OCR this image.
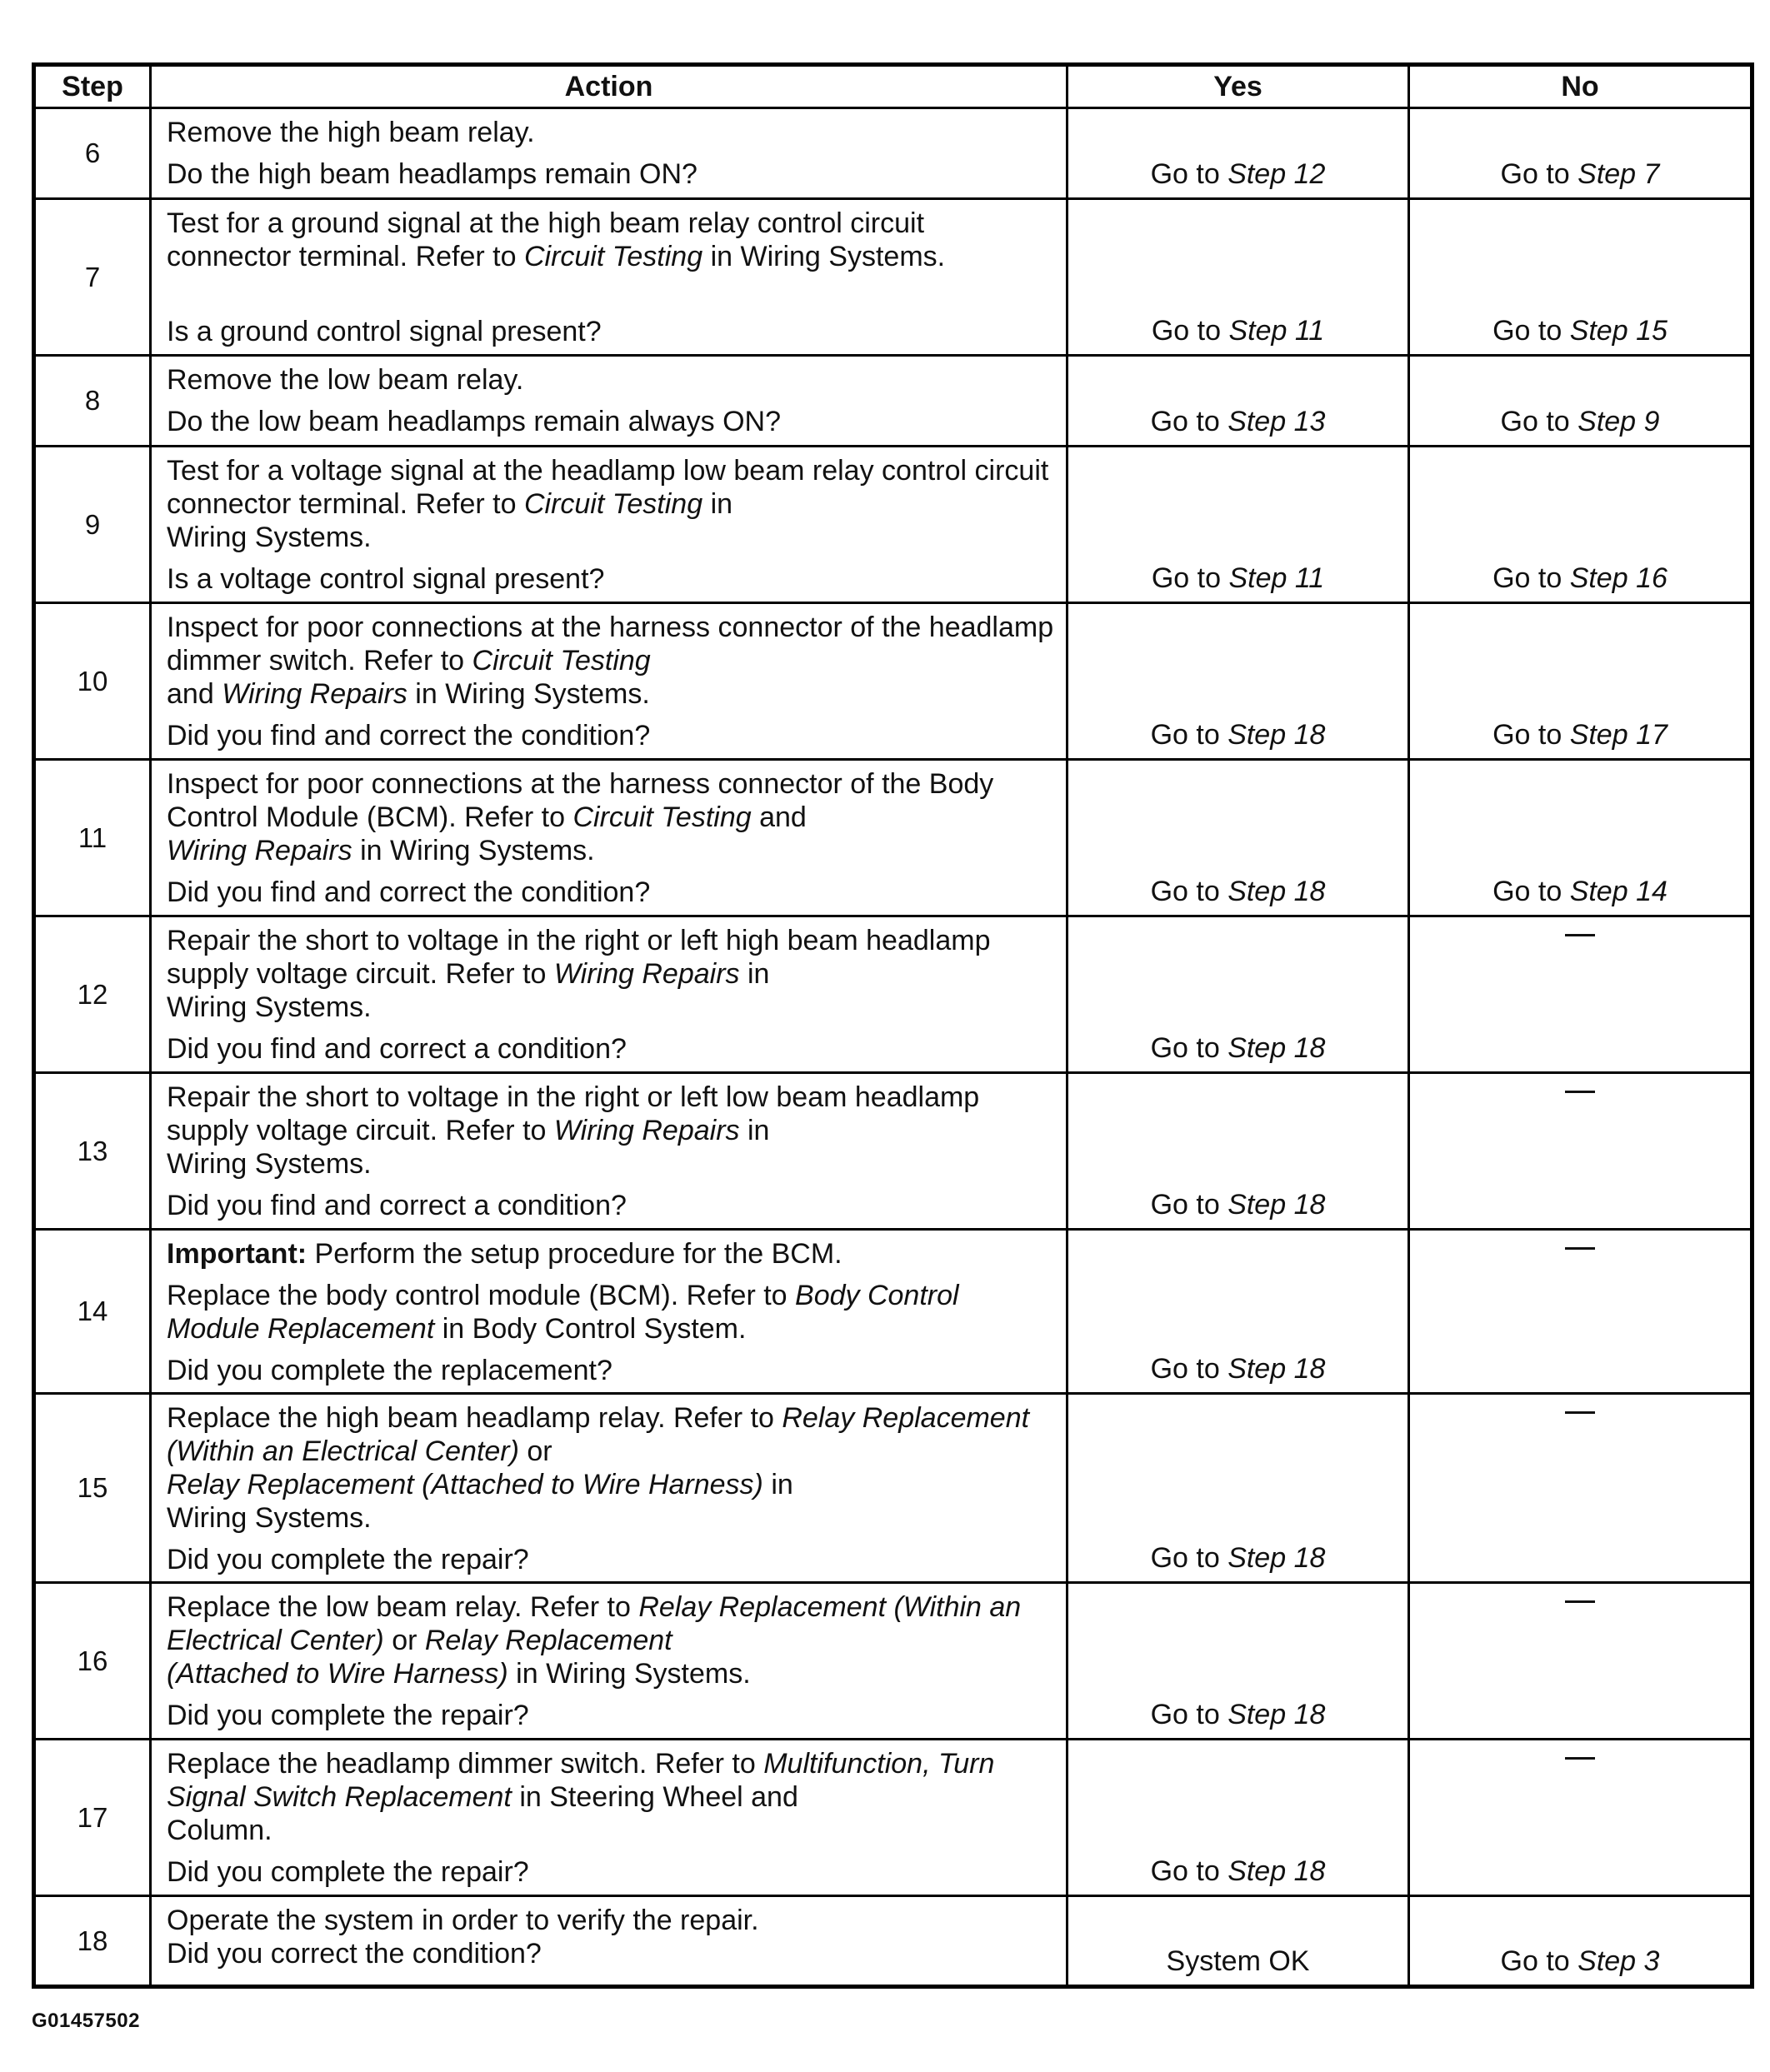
Step	Action	Yes	No
6	Remove the high beam relay.

Do the high beam headlamps remain ON?	Go to Step 12	Go to Step 7

7	Test for a ground signal at the high beam relay control circuit connector terminal. Refer to Circuit Testing in Wiring Systems.

Is a ground control signal present?	Go to Step 11	Go to Step 15

8	Remove the low beam relay.

Do the low beam headlamps remain always ON?	Go to Step 13	Go to Step 9

9	Test for a voltage signal at the headlamp low beam relay control circuit connector terminal. Refer to Circuit Testing in
Wiring Systems.

Is a voltage control signal present?	Go to Step 11	Go to Step 16

10	Inspect for poor connections at the harness connector of the headlamp dimmer switch. Refer to Circuit Testing
and Wiring Repairs in Wiring Systems.

Did you find and correct the condition?	Go to Step 18	Go to Step 17

11	Inspect for poor connections at the harness connector of the Body Control Module (BCM). Refer to Circuit Testing and
Wiring Repairs in Wiring Systems.

Did you find and correct the condition?	Go to Step 18	Go to Step 14

12	Repair the short to voltage in the right or left high beam headlamp supply voltage circuit. Refer to Wiring Repairs in
Wiring Systems.

Did you find and correct a condition?	Go to Step 18	

13	Repair the short to voltage in the right or left low beam headlamp supply voltage circuit. Refer to Wiring Repairs in
Wiring Systems.

Did you find and correct a condition?	Go to Step 18	

14	Important: Perform the setup procedure for the BCM.

Replace the body control module (BCM). Refer to Body Control Module Replacement in Body Control System.

Did you complete the replacement?	Go to Step 18	

15	Replace the high beam headlamp relay. Refer to Relay Replacement (Within an Electrical Center) or
Relay Replacement (Attached to Wire Harness) in
Wiring Systems.

Did you complete the repair?	Go to Step 18	

16	Replace the low beam relay. Refer to Relay Replacement (Within an Electrical Center) or Relay Replacement
(Attached to Wire Harness) in Wiring Systems.

Did you complete the repair?	Go to Step 18	

17	Replace the headlamp dimmer switch. Refer to Multifunction, Turn Signal Switch Replacement in Steering Wheel and
Column.

Did you complete the repair?	Go to Step 18	

18	Operate the system in order to verify the repair.

Did you correct the condition?	System OK	Go to Step 3
G01457502
